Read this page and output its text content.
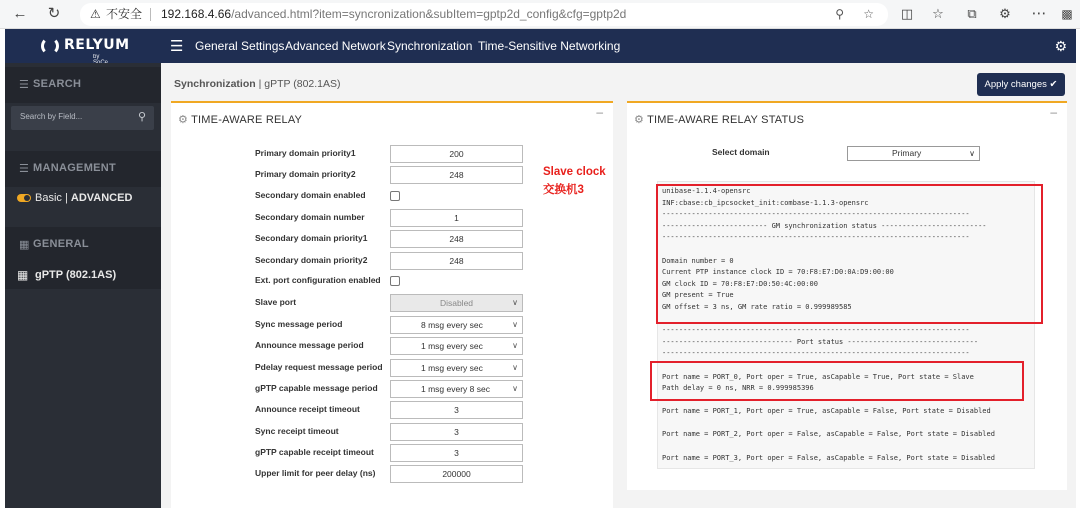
← ↻	⚠ 不安全 192.168.4.66/advanced.html?item=syncronization&subItem=gptp2d_config&cfg=gptp2d	⚲ ☆ ◫	☆	⧉	⚙ ⋯	▩
RELYUM
by
☰ General Settings Advanced Network Synchronization Time-Sensitive Networking	⚙
☰ SEARCH
Search by Field...	⚲
☰ MANAGEMENT
Basic | ADVANCED
▦ GENERAL
▦ gPTP (802.1AS)
Synchronization | gPTP (802.1AS)	Apply changes ✔
⚙ TIME-AWARE RELAY
–
Primary domain priority1	200
Primary domain priority2	248
Secondary domain enabled
Secondary domain number	1
Secondary domain priority1	248
Secondary domain priority2	248
Ext. port configuration enabled
Slave port	Disabled	∨
Sync message period	8 msg every sec	∨
Announce message period	1 msg every sec	∨
Pdelay request message period	1 msg every sec	∨
gPTP capable message period	1 msg every 8 sec	∨
Announce receipt timeout	3
Sync receipt timeout	3
gPTP capable receipt timeout	3
Upper limit for peer delay (ns)	200000
Slave clock
交换机3
⚙ TIME-AWARE RELAY STATUS
–
Select domain	Primary	∨
unibase-1.1.4-opensrc
INF:cbase:cb_ipcsocket_init:combase-1.1.3-opensrc
-------------------------------------------------------------------------
------------------------- GM synchronization status -------------------------
-------------------------------------------------------------------------
Domain number = 0
Current PTP instance clock ID = 70:F8:E7:D0:0A:D9:00:00
GM clock ID = 70:F8:E7:D0:50:4C:00:00
GM present = True
GM offset = 3 ns, GM rate ratio = 0.999989585
-------------------------------------------------------------------------
------------------------------- Port status -------------------------------
-------------------------------------------------------------------------
Port name = PORT_0, Port oper = True, asCapable = True, Port state = Slave
Path delay = 0 ns, NRR = 0.999985396
Port name = PORT_1, Port oper = True, asCapable = False, Port state = Disabled
Port name = PORT_2, Port oper = False, asCapable = False, Port state = Disabled
Port name = PORT_3, Port oper = False, asCapable = False, Port state = Disabled
